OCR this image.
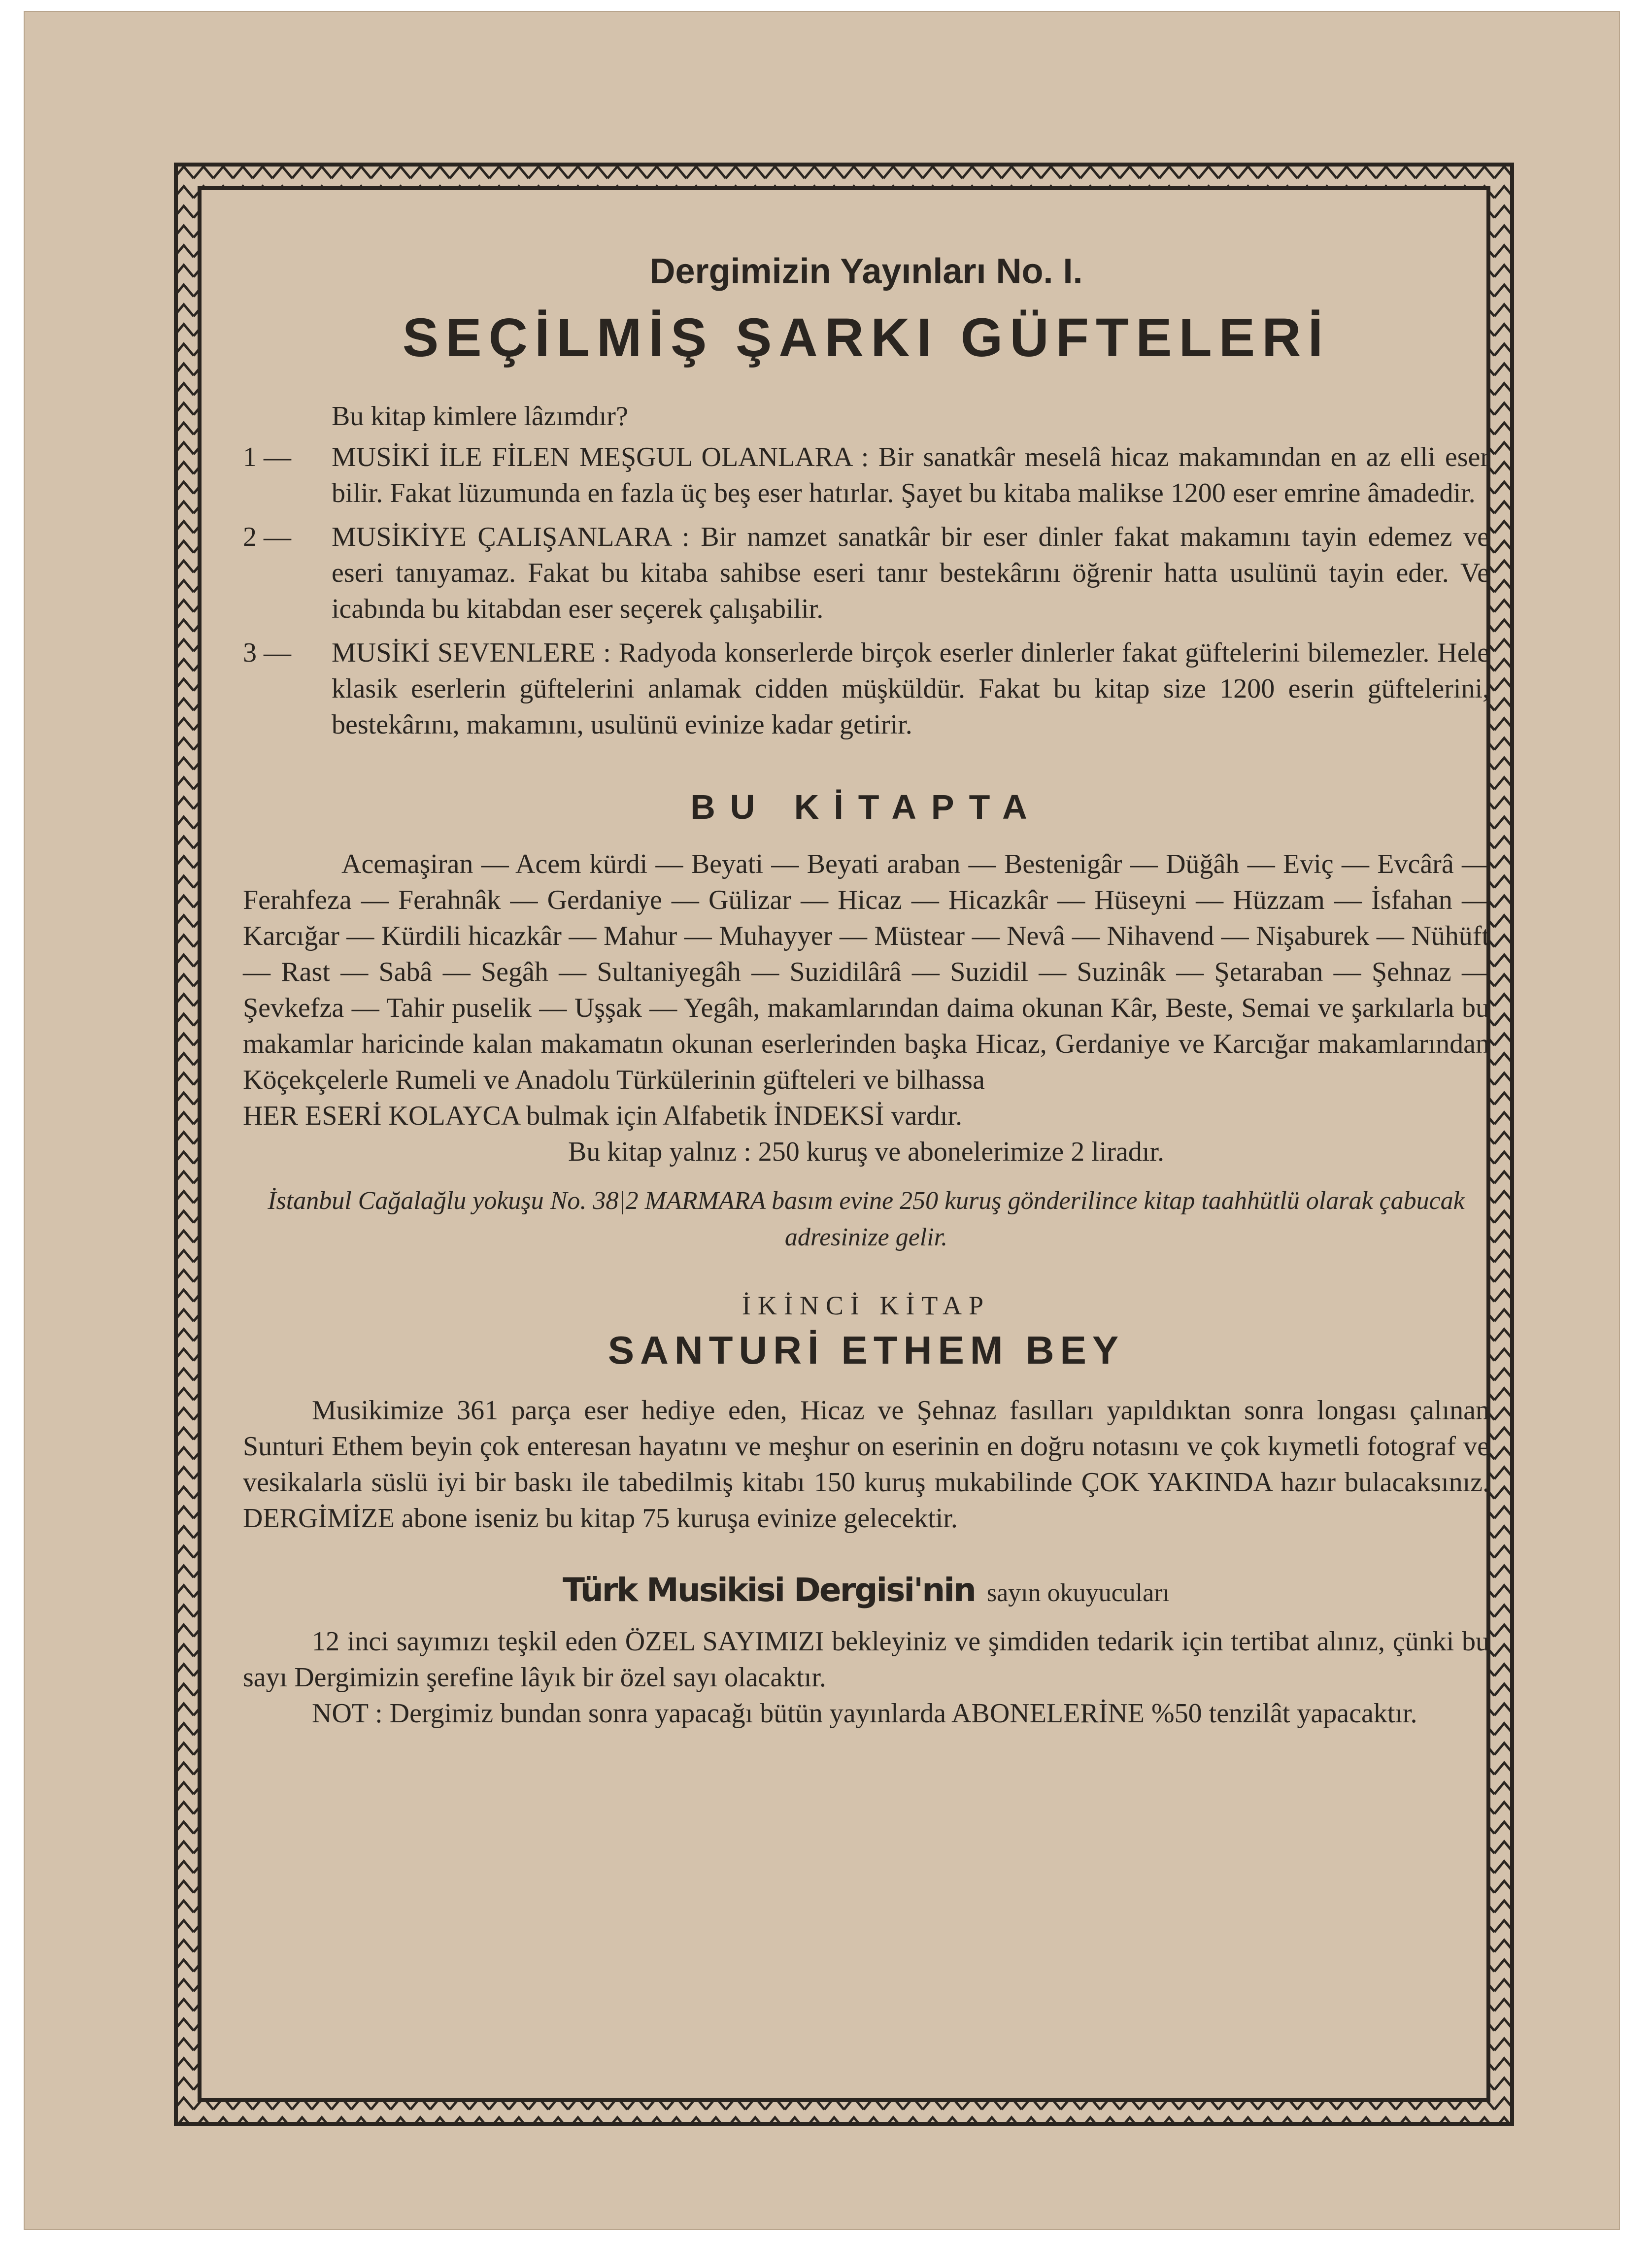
Dergimizin Yayınları No. I.
SEÇİLMİŞ ŞARKI GÜFTELERİ

Bu kitap kimlere lâzımdır?

1 —	MUSİKİ İLE FİLEN MEŞGUL OLANLARA : Bir sanatkâr meselâ hicaz makamından en az elli eser bilir. Fakat lüzumunda en fazla üç beş eser hatırlar. Şayet bu kitaba malikse 1200 eser emrine âmadedir.
2 —	MUSİKİYE ÇALIŞANLARA : Bir namzet sanatkâr bir eser dinler fakat makamını tayin edemez ve eseri tanıyamaz. Fakat bu kitaba sahibse eseri tanır bestekârını öğrenir hatta usulünü tayin eder. Ve icabında bu kitabdan eser seçerek çalışabilir.
3 —	MUSİKİ SEVENLERE : Radyoda konserlerde birçok eserler dinlerler fakat güftelerini bilemezler. Hele klasik eserlerin güftelerini anlamak cidden müşküldür. Fakat bu kitap size 1200 eserin güftelerini, bestekârını, makamını, usulünü evinize kadar getirir.
BU KİTAPTA

Acemaşiran — Acem kürdi — Beyati — Beyati araban — Bestenigâr — Düğâh — Eviç — Evcârâ — Ferahfeza — Ferahnâk — Gerdaniye — Gülizar — Hicaz — Hicazkâr — Hüseyni — Hüzzam — İsfahan — Karcığar — Kürdili hicazkâr — Mahur — Muhayyer — Müstear — Nevâ — Nihavend — Nişaburek — Nühüft — Rast — Sabâ — Segâh — Sultaniyegâh — Suzidilârâ — Suzidil — Suzinâk — Şetaraban — Şehnaz — Şevkefza — Tahir puselik — Uşşak — Yegâh, makamlarından daima okunan Kâr, Beste, Semai ve şarkılarla bu makamlar haricinde kalan makamatın okunan eserlerinden başka Hicaz, Gerdaniye ve Karcığar makamlarından Köçekçelerle Rumeli ve Anadolu Türkülerinin güfteleri ve bilhassa

HER ESERİ KOLAYCA bulmak için Alfabetik İNDEKSİ vardır.

Bu kitap yalnız : 250 kuruş ve abonelerimize 2 liradır.

İstanbul Cağalağlu yokuşu No. 38|2 MARMARA basım evine 250 kuruş gönderilince kitap taahhütlü olarak çabucak adresinize gelir.

İKİNCİ KİTAP
SANTURİ ETHEM BEY

Musikimize 361 parça eser hediye eden, Hicaz ve Şehnaz fasılları yapıldıktan sonra longası çalınan Sunturi Ethem beyin çok enteresan hayatını ve meşhur on eserinin en doğru notasını ve çok kıymetli fotograf ve vesikalarla süslü iyi bir baskı ile tabedilmiş kitabı 150 kuruş mukabilinde ÇOK YAKINDA hazır bulacaksınız. DERGİMİZE abone iseniz bu kitap 75 kuruşa evinize gelecektir.

Türk Musikisi Dergisi'nin sayın okuyucuları

12 inci sayımızı teşkil eden ÖZEL SAYIMIZI bekleyiniz ve şimdiden tedarik için tertibat alınız, çünki bu sayı Dergimizin şerefine lâyık bir özel sayı olacaktır.

NOT : Dergimiz bundan sonra yapacağı bütün yayınlarda ABONELERİNE %50 tenzilât yapacaktır.
